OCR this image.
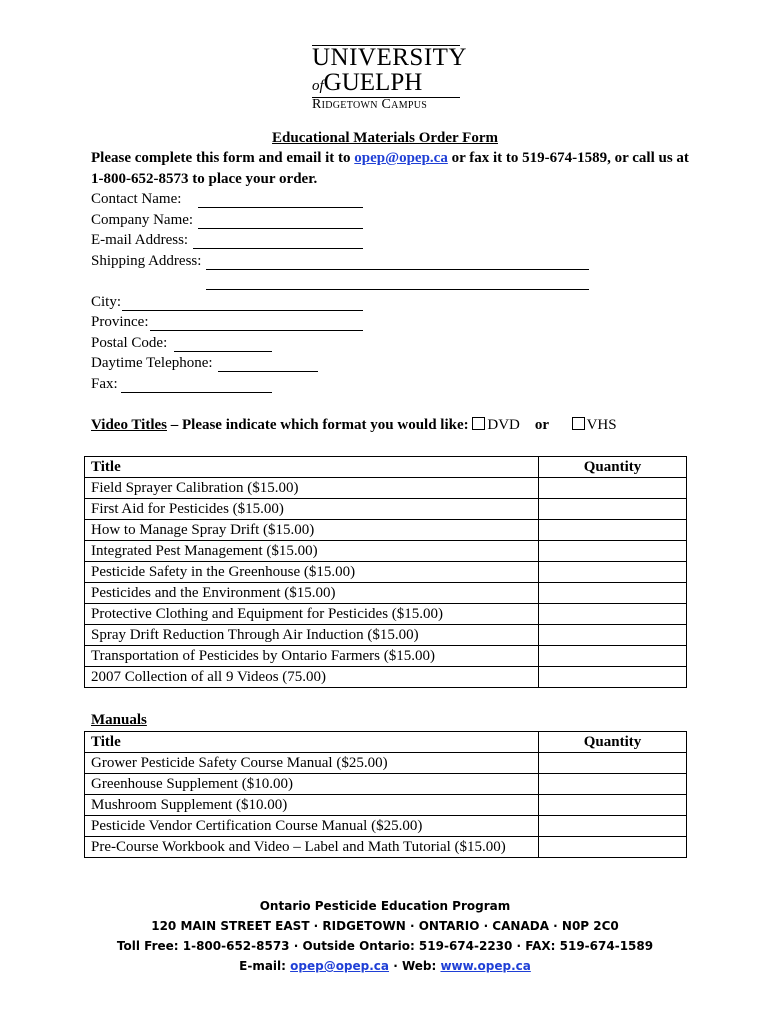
UNIVERSITY
ofGUELPH
Ridgetown Campus
Educational Materials Order Form
Please complete this form and email it to opep@opep.ca or fax it to 519-674-1589, or call us at 1-800-652-8573 to place your order.
Contact Name:
Company Name:
E-mail Address:
Shipping Address:
City:
Province:
Postal Code:
Daytime Telephone:
Fax:
Video Titles – Please indicate which format you would like: DVD or	VHS
Title	Quantity
Field Sprayer Calibration ($15.00)	
First Aid for Pesticides ($15.00)	
How to Manage Spray Drift ($15.00)	
Integrated Pest Management ($15.00)	
Pesticide Safety in the Greenhouse ($15.00)	
Pesticides and the Environment ($15.00)	
Protective Clothing and Equipment for Pesticides ($15.00)	
Spray Drift Reduction Through Air Induction ($15.00)	
Transportation of Pesticides by Ontario Farmers ($15.00)	
2007 Collection of all 9 Videos (75.00)	
Manuals
Title	Quantity
Grower Pesticide Safety Course Manual ($25.00)	
Greenhouse Supplement ($10.00)	
Mushroom Supplement ($10.00)	
Pesticide Vendor Certification Course Manual ($25.00)	
Pre-Course Workbook and Video – Label and Math Tutorial ($15.00)	
Ontario Pesticide Education Program
120 MAIN STREET EAST · RIDGETOWN · ONTARIO · CANADA · N0P 2C0
Toll Free: 1-800-652-8573 · Outside Ontario: 519-674-2230 · FAX: 519-674-1589
E-mail: opep@opep.ca · Web: www.opep.ca
